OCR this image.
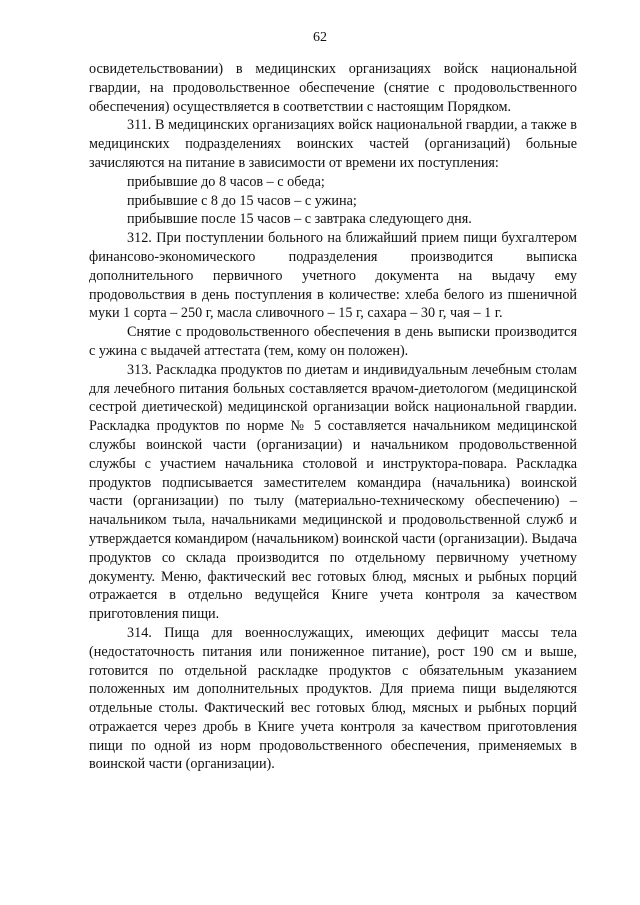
62

освидетельствовании) в медицинских организациях войск национальной гвардии, на продовольственное обеспечение (снятие с продовольственного обеспечения) осуществляется в соответствии с настоящим Порядком.

311. В медицинских организациях войск национальной гвардии, а также в медицинских подразделениях воинских частей (организаций) больные зачисляются на питание в зависимости от времени их поступления:

прибывшие до 8 часов – с обеда;

прибывшие с 8 до 15 часов – с ужина;

прибывшие после 15 часов – с завтрака следующего дня.

312. При поступлении больного на ближайший прием пищи бухгалтером финансово-экономического подразделения производится выписка дополнительного первичного учетного документа на выдачу ему продовольствия в день поступления в количестве: хлеба белого из пшеничной муки 1 сорта – 250 г, масла сливочного – 15 г, сахара – 30 г, чая – 1 г.

Снятие с продовольственного обеспечения в день выписки производится с ужина с выдачей аттестата (тем, кому он положен).

313. Раскладка продуктов по диетам и индивидуальным лечебным столам для лечебного питания больных составляется врачом-диетологом (медицинской сестрой диетической) медицинской организации войск национальной гвардии. Раскладка продуктов по норме № 5 составляется начальником медицинской службы воинской части (организации) и начальником продовольственной службы с участием начальника столовой и инструктора-повара. Раскладка продуктов подписывается заместителем командира (начальника) воинской части (организации) по тылу (материально-техническому обеспечению) – начальником тыла, начальниками медицинской и продовольственной служб и утверждается командиром (начальником) воинской части (организации). Выдача продуктов со склада производится по отдельному первичному учетному документу. Меню, фактический вес готовых блюд, мясных и рыбных порций отражается в отдельно ведущейся Книге учета контроля за качеством приготовления пищи.

314. Пища для военнослужащих, имеющих дефицит массы тела (недостаточность питания или пониженное питание), рост 190 см и выше, готовится по отдельной раскладке продуктов с обязательным указанием положенных им дополнительных продуктов. Для приема пищи выделяются отдельные столы. Фактический вес готовых блюд, мясных и рыбных порций отражается через дробь в Книге учета контроля за качеством приготовления пищи по одной из норм продовольственного обеспечения, применяемых в воинской части (организации).
